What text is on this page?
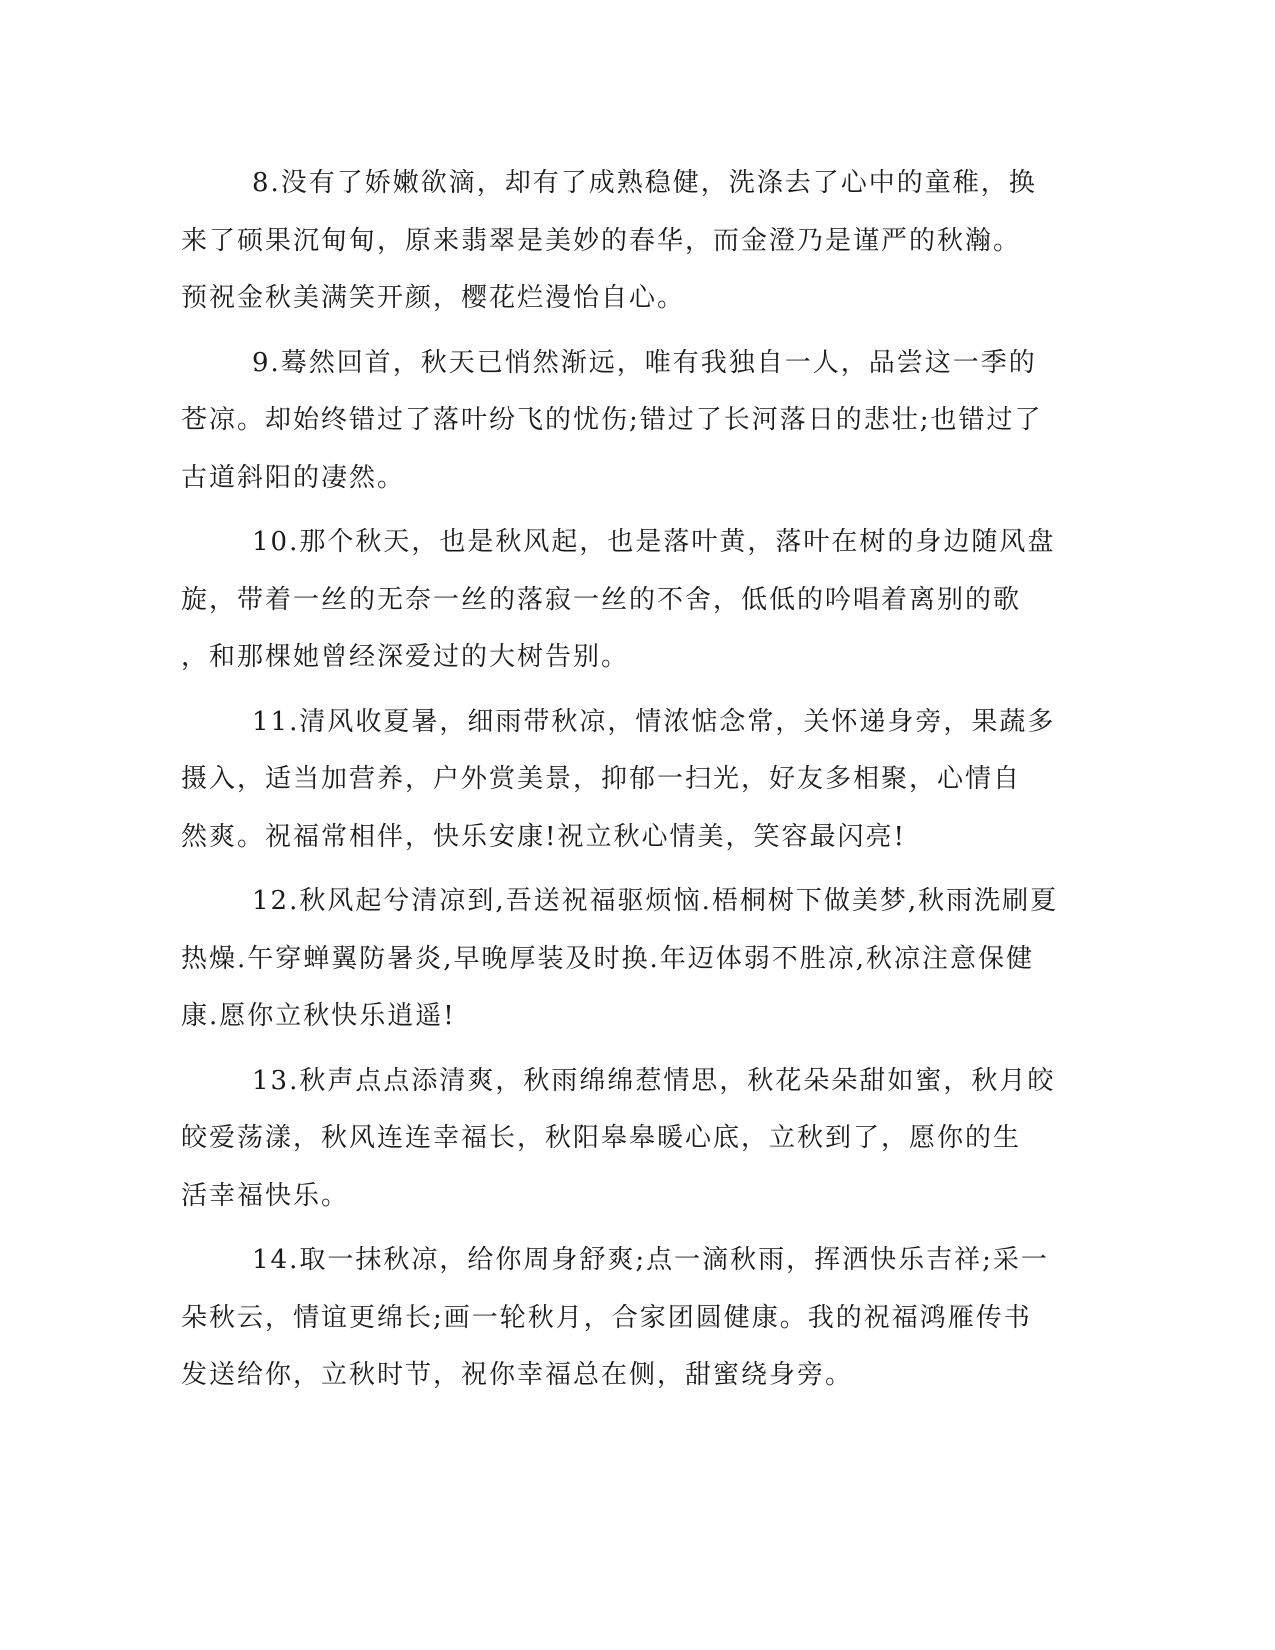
8.没有了娇嫩欲滴，却有了成熟稳健，洗涤去了心中的童稚，换
来了硕果沉甸甸，原来翡翠是美妙的春华，而金澄乃是谨严的秋瀚。
预祝金秋美满笑开颜，樱花烂漫怡自心。

9.蓦然回首，秋天已悄然渐远，唯有我独自一人，品尝这一季的
苍凉。却始终错过了落叶纷飞的忧伤;错过了长河落日的悲壮;也错过了
古道斜阳的凄然。

10.那个秋天，也是秋风起，也是落叶黄，落叶在树的身边随风盘
旋，带着一丝的无奈一丝的落寂一丝的不舍，低低的吟唱着离别的歌
，和那棵她曾经深爱过的大树告别。

11.清风收夏暑，细雨带秋凉，情浓惦念常，关怀递身旁，果蔬多
摄入，适当加营养，户外赏美景，抑郁一扫光，好友多相聚，心情自
然爽。祝福常相伴，快乐安康!祝立秋心情美，笑容最闪亮!

12.秋风起兮清凉到,吾送祝福驱烦恼.梧桐树下做美梦,秋雨洗刷夏
热燥.午穿蝉翼防暑炎,早晚厚装及时换.年迈体弱不胜凉,秋凉注意保健
康.愿你立秋快乐逍遥!

13.秋声点点添清爽，秋雨绵绵惹情思，秋花朵朵甜如蜜，秋月皎
皎爱荡漾，秋风连连幸福长，秋阳皋皋暖心底，立秋到了，愿你的生
活幸福快乐。

14.取一抹秋凉，给你周身舒爽;点一滴秋雨，挥洒快乐吉祥;采一
朵秋云，情谊更绵长;画一轮秋月，合家团圆健康。我的祝福鸿雁传书
发送给你，立秋时节，祝你幸福总在侧，甜蜜绕身旁。
